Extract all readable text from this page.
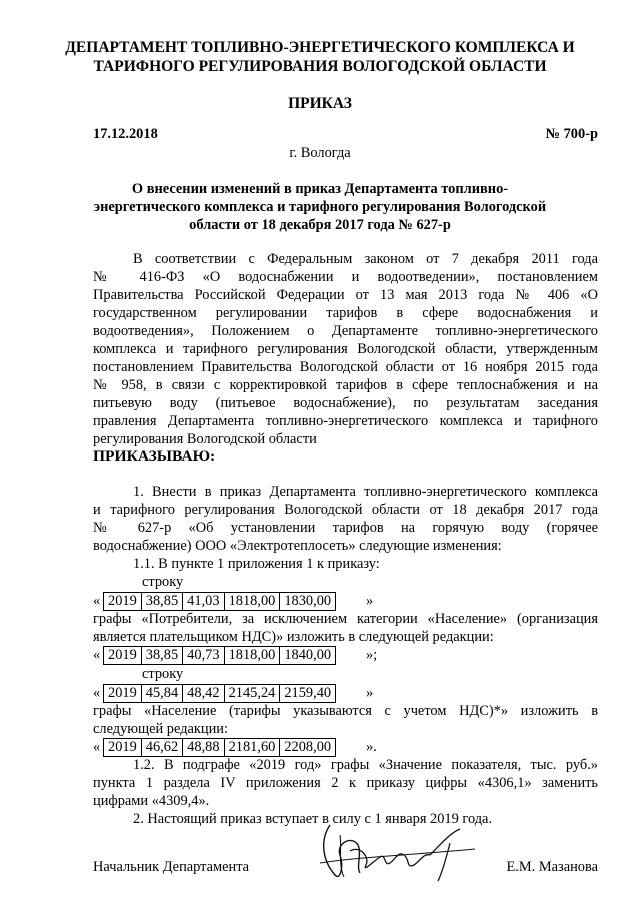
ДЕПАРТАМЕНТ ТОПЛИВНО-ЭНЕРГЕТИЧЕСКОГО КОМПЛЕКСА И
ТАРИФНОГО РЕГУЛИРОВАНИЯ ВОЛОГОДСКОЙ ОБЛАСТИ
ПРИКАЗ
17.12.2018	№ 700-р
г. Вологда
О внесении изменений в приказ Департамента топливно-
энергетического комплекса и тарифного регулирования Вологодской
области от 18 декабря 2017 года № 627-р
В соответствии с Федеральным законом от 7 декабря 2011 года
№ 416-ФЗ «О водоснабжении и водоотведении», постановлением
Правительства Российской Федерации от 13 мая 2013 года № 406 «О
государственном регулировании тарифов в сфере водоснабжения и
водоотведения», Положением о Департаменте топливно-энергетического
комплекса и тарифного регулирования Вологодской области, утвержденным
постановлением Правительства Вологодской области от 16 ноября 2015 года
№ 958, в связи с корректировкой тарифов в сфере теплоснабжения и на
питьевую воду (питьевое водоснабжение), по результатам заседания
правления Департамента топливно-энергетического комплекса и тарифного
регулирования Вологодской области
ПРИКАЗЫВАЮ:
1. Внести в приказ Департамента топливно-энергетического комплекса
и тарифного регулирования Вологодской области от 18 декабря 2017 года
№ 627-р «Об установлении тарифов на горячую воду (горячее
водоснабжение) ООО «Электротеплосеть» следующие изменения:
1.1. В пункте 1 приложения 1 к приказу:
строку
« 2019	38,85	41,03	1818,00	1830,00 »
графы «Потребители, за исключением категории «Население» (организация
является плательщиком НДС)» изложить в следующей редакции:
« 2019	38,85	40,73	1818,00	1840,00 »;
строку
« 2019	45,84	48,42	2145,24	2159,40 »
графы «Население (тарифы указываются с учетом НДС)*» изложить в
следующей редакции:
« 2019	46,62	48,88	2181,60	2208,00 ».
1.2. В подграфе «2019 год» графы «Значение показателя, тыс. руб.»
пункта 1 раздела IV приложения 2 к приказу цифры «4306,1» заменить
цифрами «4309,4».
2. Настоящий приказ вступает в силу с 1 января 2019 года.
Начальник Департамента	Е.М. Мазанова
